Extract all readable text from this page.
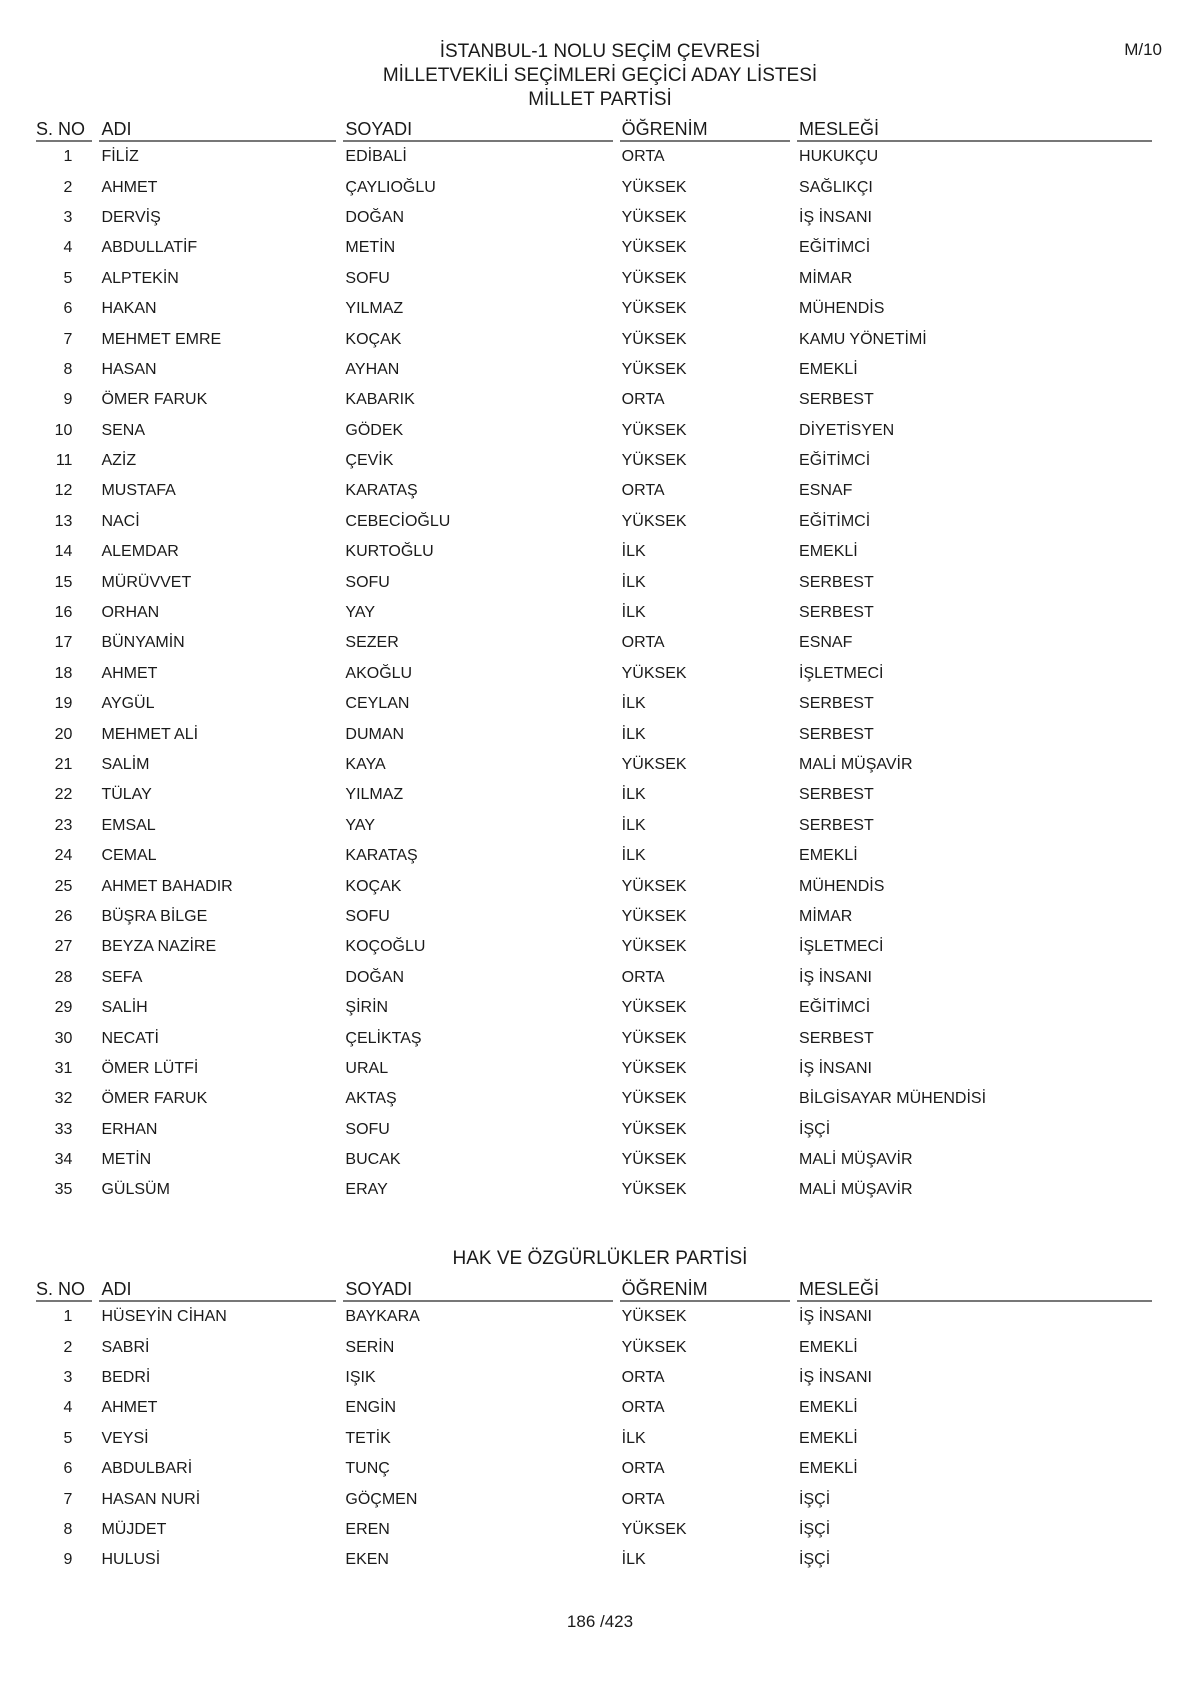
M/10
İSTANBUL-1 NOLU SEÇİM ÇEVRESİ
MİLLETVEKİLİ SEÇİMLERİ GEÇİCİ ADAY LİSTESİ
MİLLET PARTİSİ
S. NO	ADI	SOYADI	ÖĞRENİM	MESLEĞİ
1	FİLİZ	EDİBALİ	ORTA	HUKUKÇU
2	AHMET	ÇAYLIOĞLU	YÜKSEK	SAĞLIKÇI
3	DERVİŞ	DOĞAN	YÜKSEK	İŞ İNSANI
4	ABDULLATİF	METİN	YÜKSEK	EĞİTİMCİ
5	ALPTEKİN	SOFU	YÜKSEK	MİMAR
6	HAKAN	YILMAZ	YÜKSEK	MÜHENDİS
7	MEHMET EMRE	KOÇAK	YÜKSEK	KAMU YÖNETİMİ
8	HASAN	AYHAN	YÜKSEK	EMEKLİ
9	ÖMER FARUK	KABARIK	ORTA	SERBEST
10	SENA	GÖDEK	YÜKSEK	DİYETİSYEN
11	AZİZ	ÇEVİK	YÜKSEK	EĞİTİMCİ
12	MUSTAFA	KARATAŞ	ORTA	ESNAF
13	NACİ	CEBECİOĞLU	YÜKSEK	EĞİTİMCİ
14	ALEMDAR	KURTOĞLU	İLK	EMEKLİ
15	MÜRÜVVET	SOFU	İLK	SERBEST
16	ORHAN	YAY	İLK	SERBEST
17	BÜNYAMİN	SEZER	ORTA	ESNAF
18	AHMET	AKOĞLU	YÜKSEK	İŞLETMECİ
19	AYGÜL	CEYLAN	İLK	SERBEST
20	MEHMET ALİ	DUMAN	İLK	SERBEST
21	SALİM	KAYA	YÜKSEK	MALİ MÜŞAVİR
22	TÜLAY	YILMAZ	İLK	SERBEST
23	EMSAL	YAY	İLK	SERBEST
24	CEMAL	KARATAŞ	İLK	EMEKLİ
25	AHMET BAHADIR	KOÇAK	YÜKSEK	MÜHENDİS
26	BÜŞRA BİLGE	SOFU	YÜKSEK	MİMAR
27	BEYZA NAZİRE	KOÇOĞLU	YÜKSEK	İŞLETMECİ
28	SEFA	DOĞAN	ORTA	İŞ İNSANI
29	SALİH	ŞİRİN	YÜKSEK	EĞİTİMCİ
30	NECATİ	ÇELİKTAŞ	YÜKSEK	SERBEST
31	ÖMER LÜTFİ	URAL	YÜKSEK	İŞ İNSANI
32	ÖMER FARUK	AKTAŞ	YÜKSEK	BİLGİSAYAR MÜHENDİSİ
33	ERHAN	SOFU	YÜKSEK	İŞÇİ
34	METİN	BUCAK	YÜKSEK	MALİ MÜŞAVİR
35	GÜLSÜM	ERAY	YÜKSEK	MALİ MÜŞAVİR
HAK VE ÖZGÜRLÜKLER PARTİSİ
S. NO	ADI	SOYADI	ÖĞRENİM	MESLEĞİ
1	HÜSEYİN CİHAN	BAYKARA	YÜKSEK	İŞ İNSANI
2	SABRİ	SERİN	YÜKSEK	EMEKLİ
3	BEDRİ	IŞIK	ORTA	İŞ İNSANI
4	AHMET	ENGİN	ORTA	EMEKLİ
5	VEYSİ	TETİK	İLK	EMEKLİ
6	ABDULBARİ	TUNÇ	ORTA	EMEKLİ
7	HASAN NURİ	GÖÇMEN	ORTA	İŞÇİ
8	MÜJDET	EREN	YÜKSEK	İŞÇİ
9	HULUSİ	EKEN	İLK	İŞÇİ
186 /423
